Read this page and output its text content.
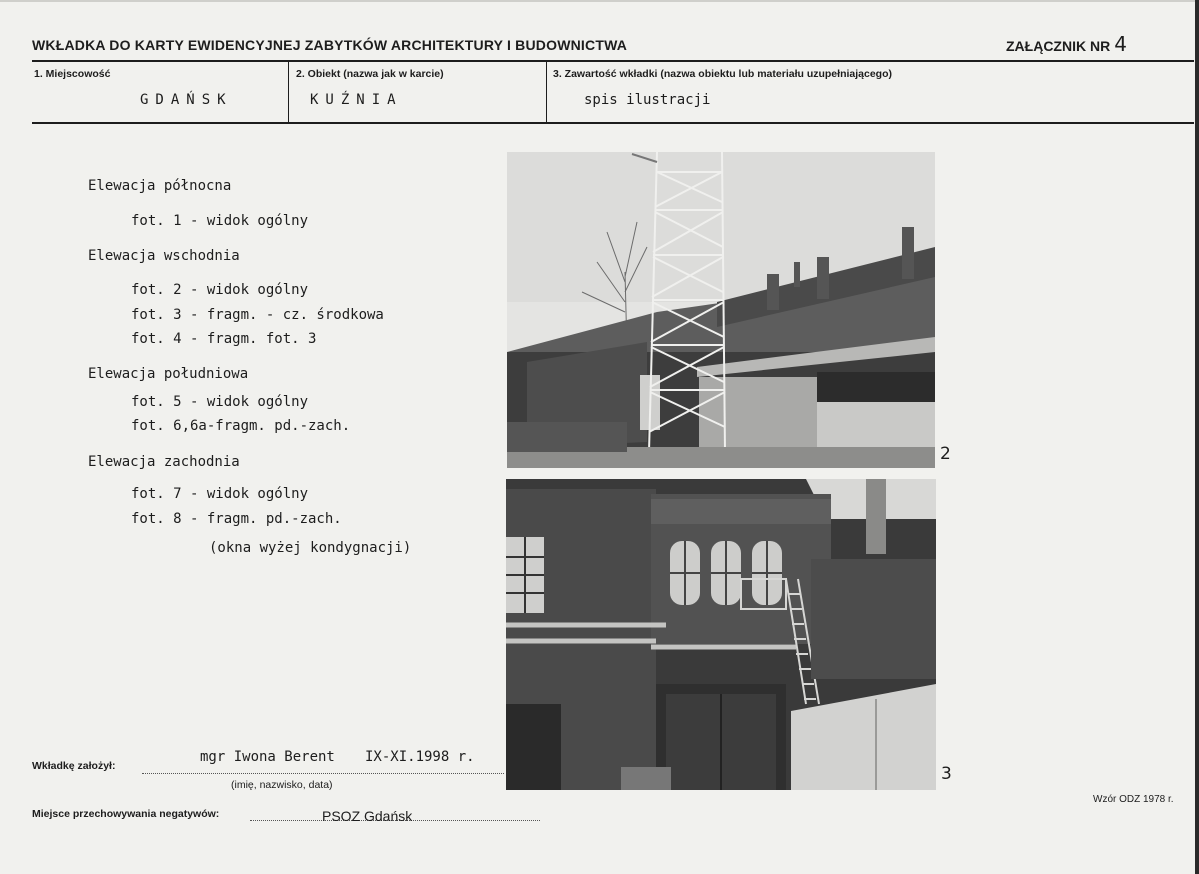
WKŁADKA DO KARTY EWIDENCYJNEJ ZABYTKÓW ARCHITEKTURY I BUDOWNICTWA	ZAŁĄCZNIK NR 4
1. Miejscowość
GDAŃSK
2. Obiekt (nazwa jak w karcie)
KUŹNIA
3. Zawartość wkładki (nazwa obiektu lub materiału uzupełniającego)
spis ilustracji
Elewacja północna
fot. 1 - widok ogólny
Elewacja wschodnia
fot. 2 - widok ogólny
fot. 3 - fragm. - cz. środkowa
fot. 4 - fragm. fot. 3
Elewacja południowa
fot. 5 - widok ogólny
fot. 6,6a-fragm. pd.-zach.
Elewacja zachodnia
fot. 7 - widok ogólny
fot. 8 - fragm. pd.-zach.
(okna wyżej kondygnacji)
2
3
Wkładkę założył:
mgr Iwona Berent IX-XI.1998 r.
(imię, nazwisko, data)
Miejsce przechowywania negatywów:	PSOZ Gdańsk
Wzór ODZ 1978 r.
